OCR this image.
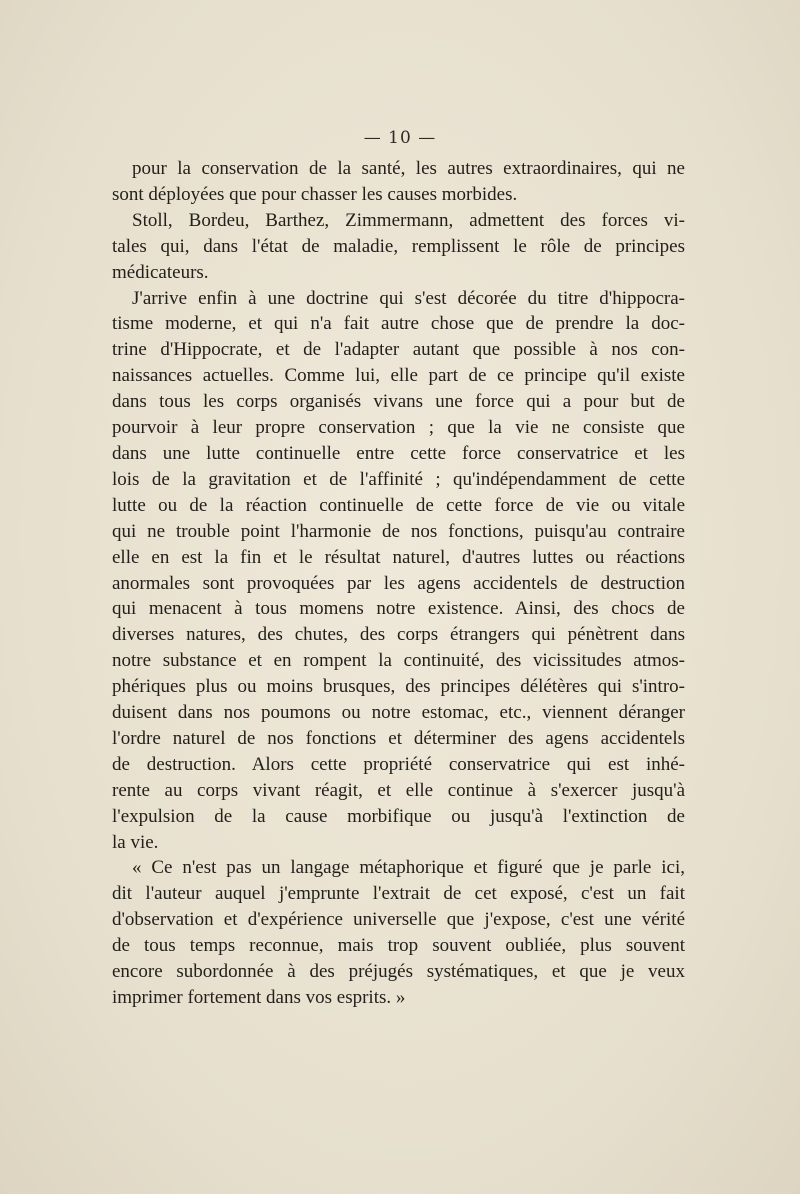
— 10 —

pour la conservation de la santé, les autres extraordinaires, qui ne
sont déployées que pour chasser les causes morbides.

Stoll, Bordeu, Barthez, Zimmermann, admettent des forces vi-
tales qui, dans l'état de maladie, remplissent le rôle de principes
médicateurs.

J'arrive enfin à une doctrine qui s'est décorée du titre d'hippocra-
tisme moderne, et qui n'a fait autre chose que de prendre la doc-
trine d'Hippocrate, et de l'adapter autant que possible à nos con-
naissances actuelles. Comme lui, elle part de ce principe qu'il existe
dans tous les corps organisés vivans une force qui a pour but de
pourvoir à leur propre conservation ; que la vie ne consiste que
dans une lutte continuelle entre cette force conservatrice et les
lois de la gravitation et de l'affinité ; qu'indépendamment de cette
lutte ou de la réaction continuelle de cette force de vie ou vitale
qui ne trouble point l'harmonie de nos fonctions, puisqu'au contraire
elle en est la fin et le résultat naturel, d'autres luttes ou réactions
anormales sont provoquées par les agens accidentels de destruction
qui menacent à tous momens notre existence. Ainsi, des chocs de
diverses natures, des chutes, des corps étrangers qui pénètrent dans
notre substance et en rompent la continuité, des vicissitudes atmos-
phériques plus ou moins brusques, des principes délétères qui s'intro-
duisent dans nos poumons ou notre estomac, etc., viennent déranger
l'ordre naturel de nos fonctions et déterminer des agens accidentels
de destruction. Alors cette propriété conservatrice qui est inhé-
rente au corps vivant réagit, et elle continue à s'exercer jusqu'à
l'expulsion de la cause morbifique ou jusqu'à l'extinction de
la vie.

« Ce n'est pas un langage métaphorique et figuré que je parle ici,
dit l'auteur auquel j'emprunte l'extrait de cet exposé, c'est un fait
d'observation et d'expérience universelle que j'expose, c'est une vérité
de tous temps reconnue, mais trop souvent oubliée, plus souvent
encore subordonnée à des préjugés systématiques, et que je veux
imprimer fortement dans vos esprits. »
